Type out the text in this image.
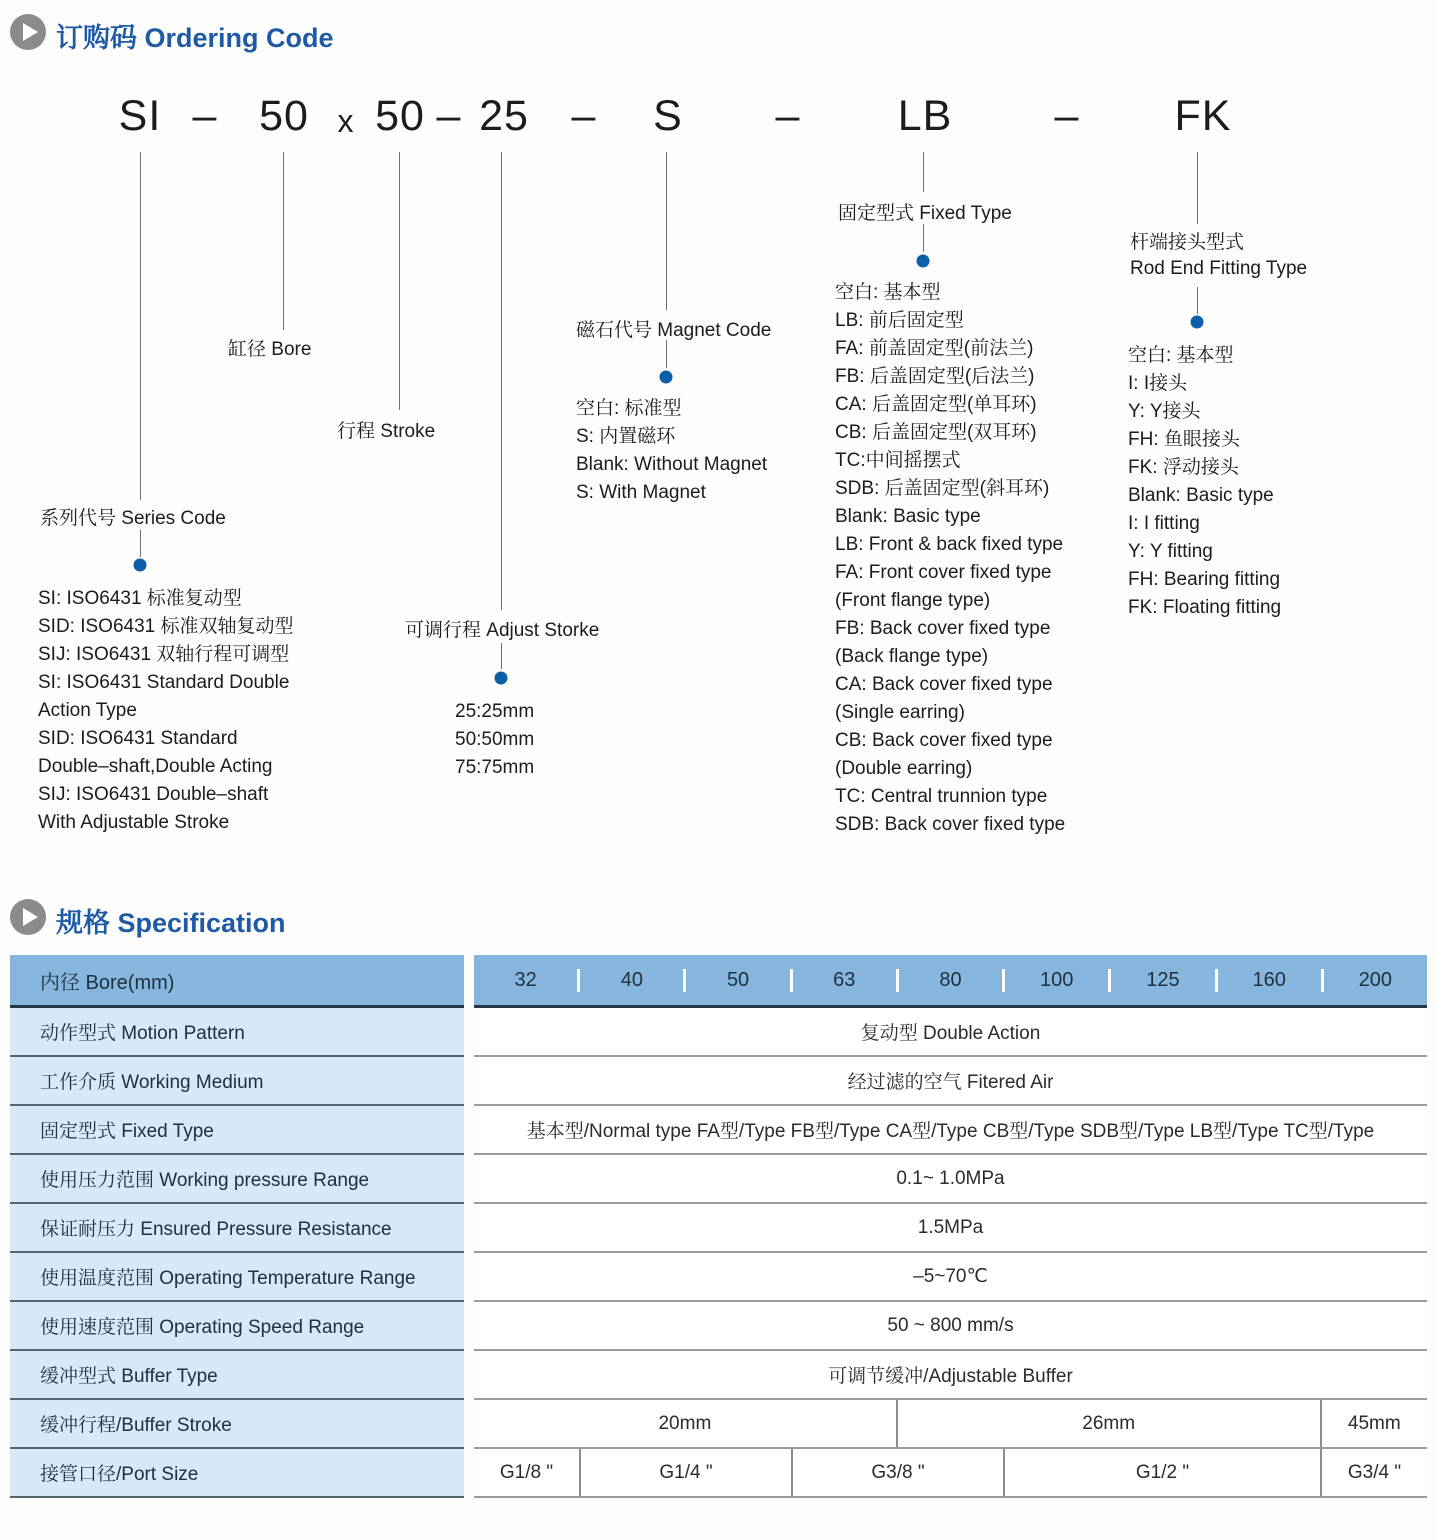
订购码 Ordering Code
SI – 50 x 50 – 25 – S – LB – FK
缸径 Bore
行程 Stroke
系列代号 Series Code
可调行程 Adjust Storke
磁石代号 Magnet Code
固定型式 Fixed Type
杆端接头型式
Rod End Fitting Type
SI: ISO6431 标准复动型
SID: ISO6431 标准双轴复动型
SIJ: ISO6431 双轴行程可调型
SI: ISO6431 Standard Double
Action Type
SID: ISO6431 Standard
Double–shaft,Double Acting
SIJ: ISO6431 Double–shaft
With Adjustable Stroke
25:25mm
50:50mm
75:75mm
空白: 标准型
S: 内置磁环
Blank: Without Magnet
S: With Magnet
空白: 基本型
LB: 前后固定型
FA: 前盖固定型(前法兰)
FB: 后盖固定型(后法兰)
CA: 后盖固定型(单耳环)
CB: 后盖固定型(双耳环)
TC:中间摇摆式
SDB: 后盖固定型(斜耳环)
Blank: Basic type
LB: Front & back fixed type
FA: Front cover fixed type
(Front flange type)
FB: Back cover fixed type
(Back flange type)
CA: Back cover fixed type
(Single earring)
CB: Back cover fixed type
(Double earring)
TC: Central trunnion type
SDB: Back cover fixed type
空白: 基本型
I: I接头
Y: Y接头
FH: 鱼眼接头
FK: 浮动接头
Blank: Basic type
I: I fitting
Y: Y fitting
FH: Bearing fitting
FK: Floating fitting
规格 Specification
内径 Bore(mm)	32	40	50	63	80	100	125	160	200
动作型式 Motion Pattern	复动型 Double Action
工作介质 Working Medium	经过滤的空气 Fitered Air
固定型式 Fixed Type	基本型/Normal type FA型/Type FB型/Type CA型/Type CB型/Type SDB型/Type LB型/Type TC型/Type
使用压力范围 Working pressure Range	0.1~ 1.0MPa
保证耐压力 Ensured Pressure Resistance	1.5MPa
使用温度范围 Operating Temperature Range	–5~70℃
使用速度范围 Operating Speed Range	50 ~ 800 mm/s
缓冲型式 Buffer Type	可调节缓冲/Adjustable Buffer
缓冲行程/Buffer Stroke	20mm	26mm	45mm
接管口径/Port Size	G1/8 "	G1/4 "	G3/8 "	G1/2 "	G3/4 "
